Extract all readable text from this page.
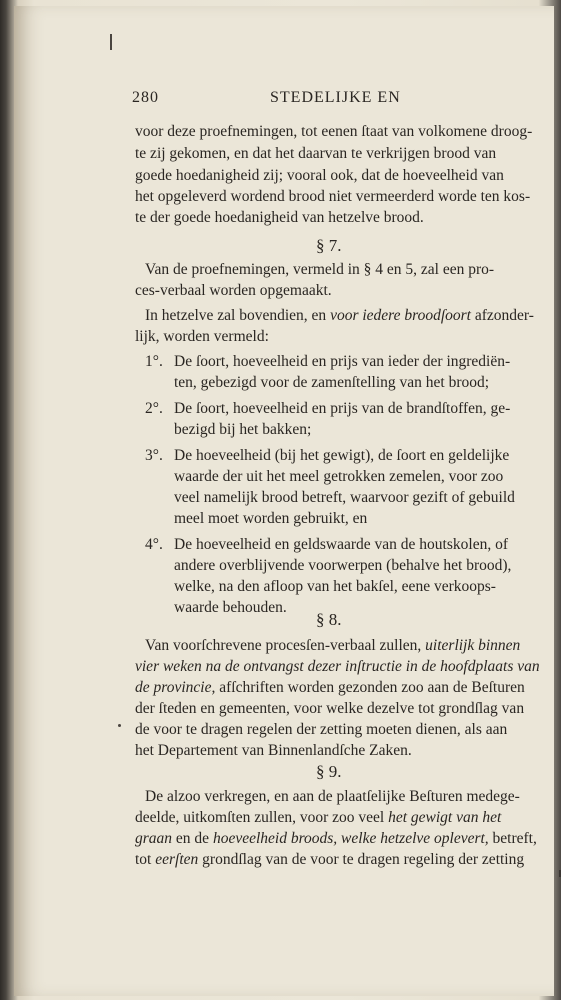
280	STEDELIJKE EN
voor deze proefnemingen, tot eenen ſtaat van volkomene droog-
te zij gekomen, en dat het daarvan te verkrijgen brood van
goede hoedanigheid zij; vooral ook, dat de hoeveelheid van
het opgeleverd wordend brood niet vermeerderd worde ten kos-
te der goede hoedanigheid van hetzelve brood.
§ 7.
Van de proefnemingen, vermeld in § 4 en 5, zal een pro-
ces-verbaal worden opgemaakt.
In hetzelve zal bovendien, en voor iedere broodſoort afzonder-
lijk, worden vermeld:
1°. De ſoort, hoeveelheid en prijs van ieder der ingrediën-
ten, gebezigd voor de zamenſtelling van het brood;
2°. De ſoort, hoeveelheid en prijs van de brandſtoffen, ge-
bezigd bij het bakken;
3°. De hoeveelheid (bij het gewigt), de ſoort en geldelijke
waarde der uit het meel getrokken zemelen, voor zoo
veel namelijk brood betreft, waarvoor gezift of gebuild
meel moet worden gebruikt, en
4°. De hoeveelheid en geldswaarde van de houtskolen, of
andere overblijvende voorwerpen (behalve het brood),
welke, na den afloop van het bakſel, eene verkoops-
waarde behouden.
§ 8.
Van voorſchrevene procesſen-verbaal zullen, uiterlijk binnen
vier weken na de ontvangst dezer inſtructie in de hoofdplaats van
de provincie, afſchriften worden gezonden zoo aan de Beſturen
der ſteden en gemeenten, voor welke dezelve tot grondſlag van
de voor te dragen regelen der zetting moeten dienen, als aan
het Departement van Binnenlandſche Zaken.
§ 9.
De alzoo verkregen, en aan de plaatſelijke Beſturen medege-
deelde, uitkomſten zullen, voor zoo veel het gewigt van het
graan en de hoeveelheid broods, welke hetzelve oplevert, betreft,
tot eerſten grondſlag van de voor te dragen regeling der zetting
